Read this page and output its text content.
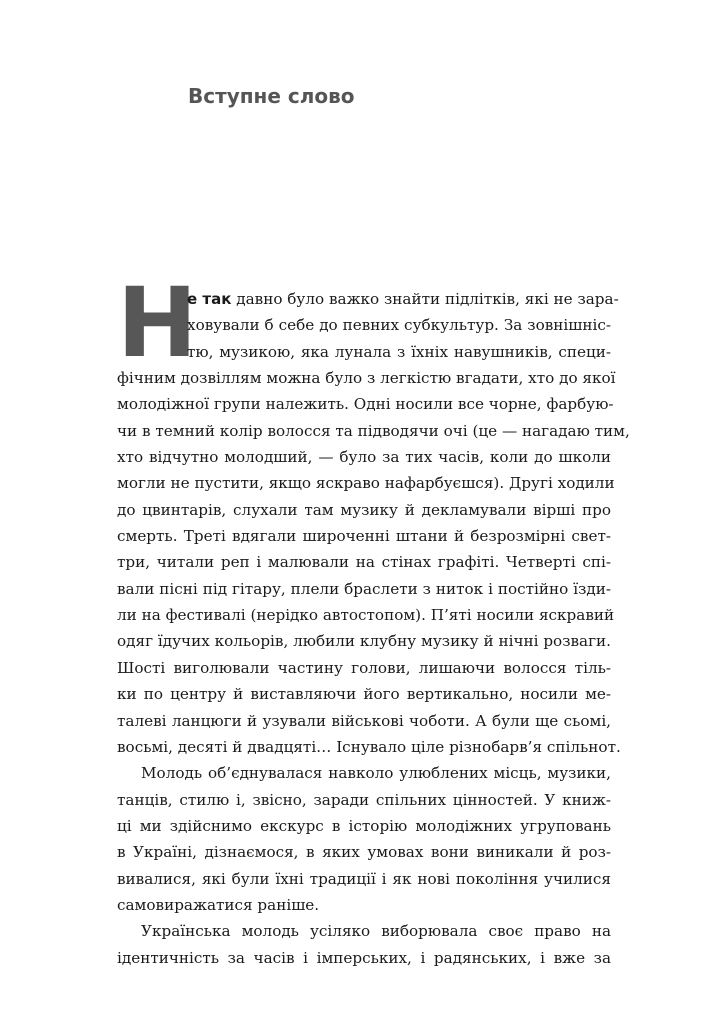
Вступне слово
Н
е так давно було важко знайти підлітків, які не зара-
ховували б себе до певних субкультур. За зовнішніс-
тю, музикою, яка лунала з їхніх навушників, специ-
фічним дозвіллям можна було з легкістю вгадати, хто до якої
молодіжної групи належить. Одні носили все чорне, фарбую-
чи в темний колір волосся та підводячи очі (це — нагадаю тим,
хто відчутно молодший, — було за тих часів, коли до школи
могли не пустити, якщо яскраво нафарбуєшся). Другі ходили
до цвинтарів, слухали там музику й декламували вірші про
смерть. Треті вдягали широченні штани й безрозмірні свет-
три, читали реп і малювали на стінах графіті. Четверті спі-
вали пісні під гітару, плели браслети з ниток і постійно їзди-
ли на фестивалі (нерідко автостопом). П’яті носили яскравий
одяг їдучих кольорів, любили клубну музику й нічні розваги.
Шості виголювали частину голови, лишаючи волосся тіль-
ки по центру й виставляючи його вертикально, носили ме-
талеві ланцюги й узували військові чоботи. А були ще сьомі,
восьмі, десяті й двадцяті… Існувало ціле різнобарв’я спільнот.
Молодь об’єднувалася навколо улюблених місць, музики,
танців, стилю і, звісно, заради спільних цінностей. У книж-
ці ми здійснимо екскурс в історію молодіжних угруповань
в Україні, дізнаємося, в яких умовах вони виникали й роз-
вивалися, які були їхні традиції і як нові покоління училися
самовиражатися раніше.
Українська молодь усіляко виборювала своє право на
ідентичність за часів і імперських, і радянських, і вже за
